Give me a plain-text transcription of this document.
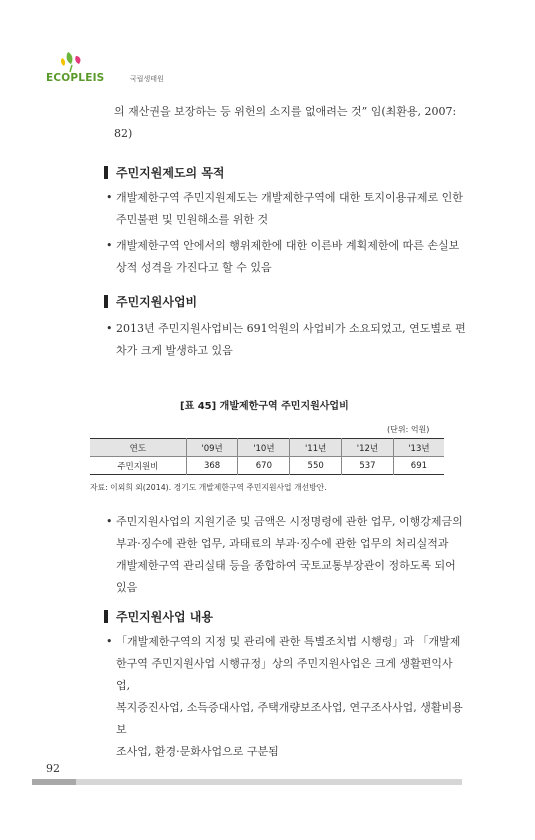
ECOPLEIS	국립생태원
의 재산권을 보장하는 등 위헌의 소지를 없애려는 것” 임(최환용, 2007:
82)
주민지원제도의 목적
• 개발제한구역 주민지원제도는 개발제한구역에 대한 토지이용규제로 인한
주민불편 및 민원해소를 위한 것
• 개발제한구역 안에서의 행위제한에 대한 이른바 계획제한에 따른 손실보
상적 성격을 가진다고 할 수 있음
주민지원사업비
• 2013년 주민지원사업비는 691억원의 사업비가 소요되었고, 연도별로 편
차가 크게 발생하고 있음
[표 45] 개발제한구역 주민지원사업비
(단위: 억원)
연도	'09년	'10년	'11년	'12년	'13년
주민지원비	368	670	550	537	691
자료: 이외희 외(2014). 경기도 개발제한구역 주민지원사업 개선방안.
• 주민지원사업의 지원기준 및 금액은 시정명령에 관한 업무, 이행강제금의
부과·징수에 관한 업무, 과태료의 부과·징수에 관한 업무의 처리실적과
개발제한구역 관리실태 등을 종합하여 국토교통부장관이 정하도록 되어
있음
주민지원사업 내용
• 「개발제한구역의 지정 및 관리에 관한 특별조치법 시행령」과 「개발제
한구역 주민지원사업 시행규정」상의 주민지원사업은 크게 생활편익사업,
복지증진사업, 소득증대사업, 주택개량보조사업, 연구조사사업, 생활비용보
조사업, 환경·문화사업으로 구분됨
92
